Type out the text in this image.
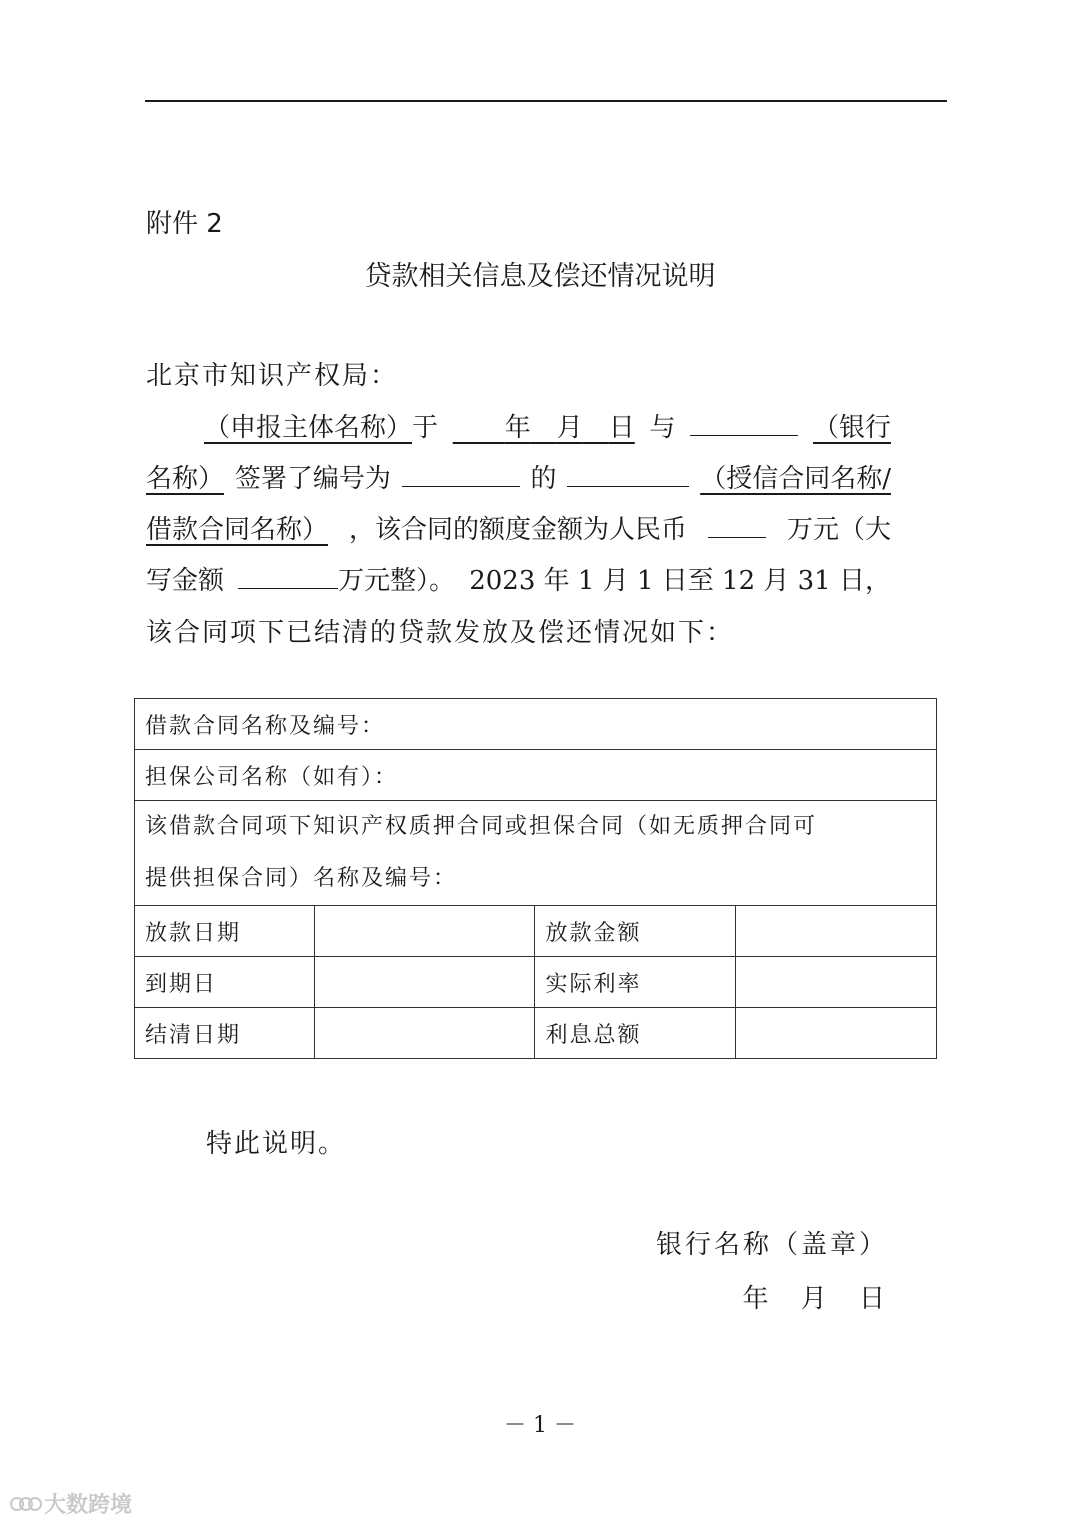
附件 2
贷款相关信息及偿还情况说明
北京市知识产权局：
（申报主体名称）于
  	年  月  日 与	（银行
名称） 签署了编号为	的	（授信合同名称/
借款合同名称） ，该合同的额度金额为人民币	万元（大
写金额	万元整）。 2023 年 1 月 1 日至 12 月 31 日，
该合同项下已结清的贷款发放及偿还情况如下：
借款合同名称及编号：			
担保公司名称（如有）：			

该借款合同项下知识产权质押合同或担保合同（如无质押合同可
提供担保合同）名称及编号：			

放款日期		放款金额	
到期日		实际利率	
结清日期		利息总额	
特此说明。
银行名称（盖章）
年 月 日
－ 1 －
大数跨境
